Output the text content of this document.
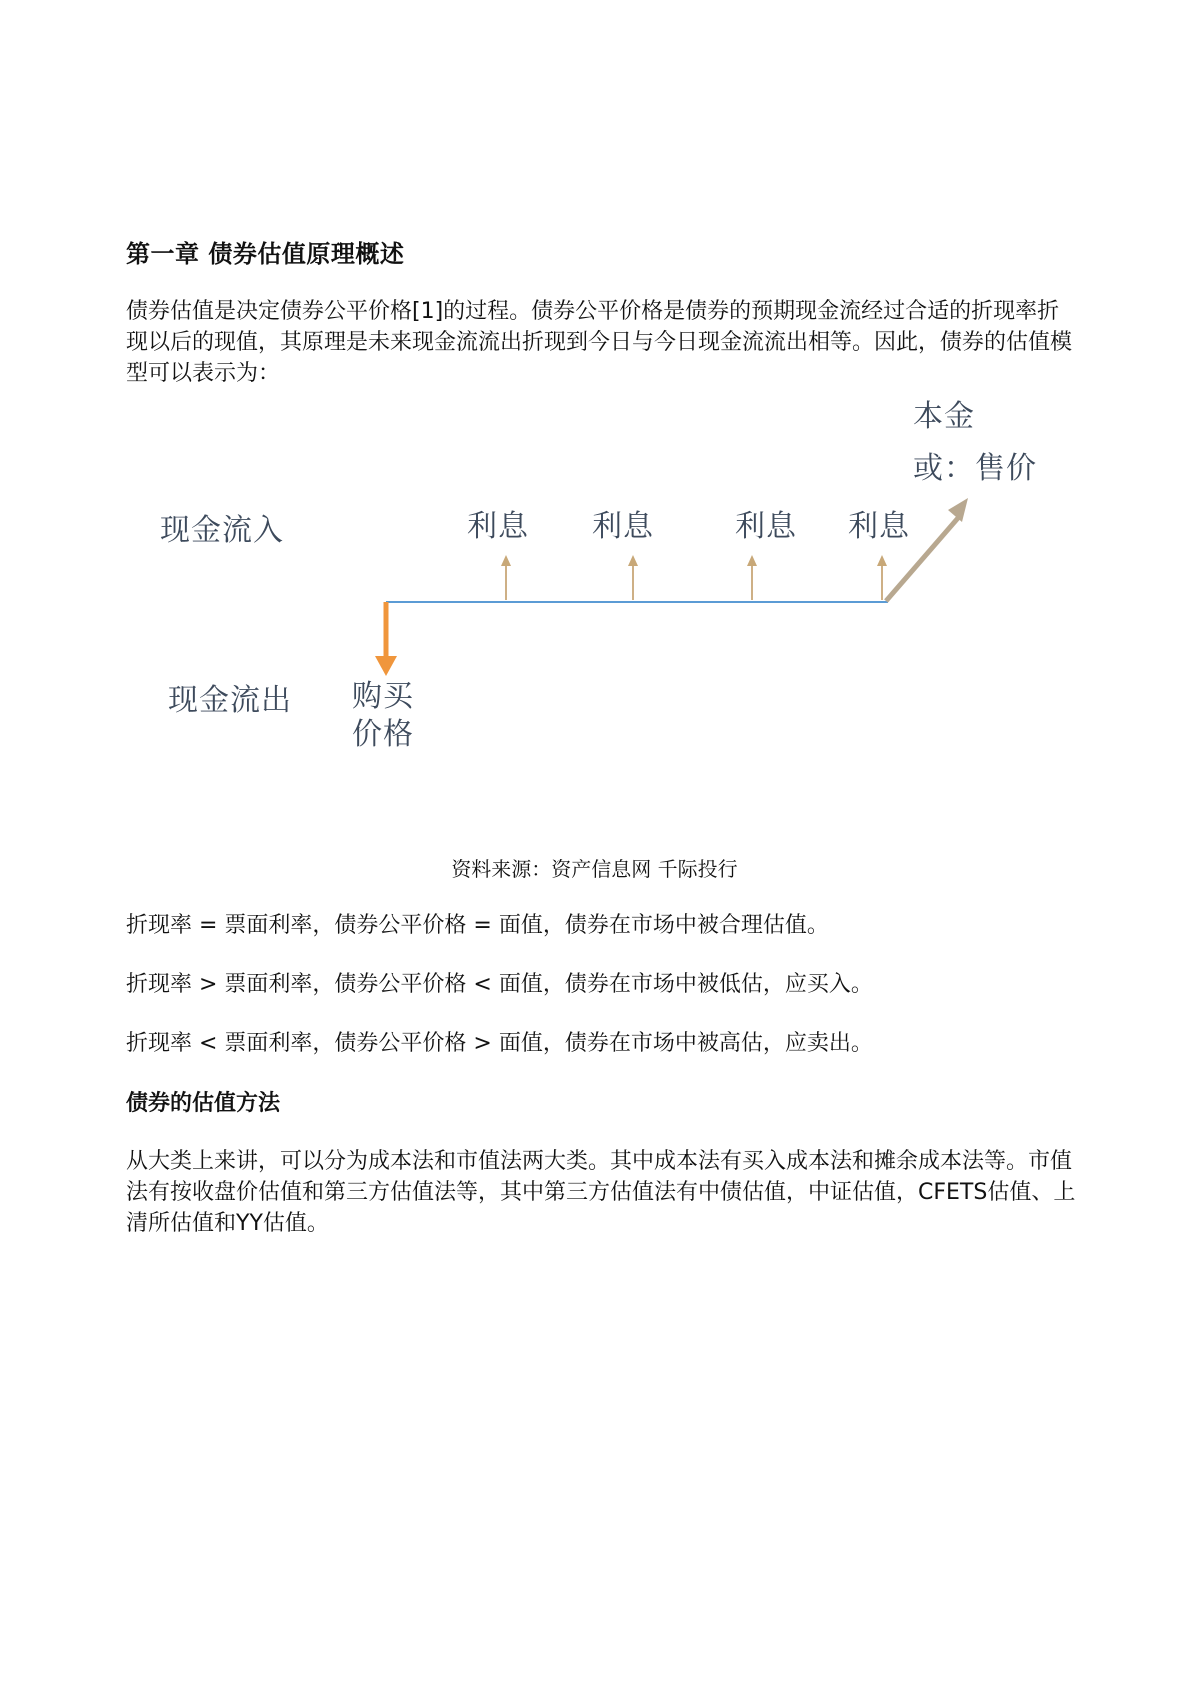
第一章 债券估值原理概述

债券估值是决定债券公平价格[1]的过程。债券公平价格是债券的预期现金流经过合适的折现率折现以后的现值，其原理是未来现金流流出折现到今日与今日现金流流出相等。因此，债券的估值模型可以表示为：

现金流入
现金流出
利息 利息	利息 利息
本金
或：售价
购买
价格

资料来源：资产信息网 千际投行

折现率 = 票面利率，债券公平价格 = 面值，债券在市场中被合理估值。

折现率 > 票面利率，债券公平价格 < 面值，债券在市场中被低估，应买入。

折现率 < 票面利率，债券公平价格 > 面值，债券在市场中被高估，应卖出。

债券的估值方法

从大类上来讲，可以分为成本法和市值法两大类。其中成本法有买入成本法和摊余成本法等。市值法有按收盘价估值和第三方估值法等，其中第三方估值法有中债估值，中证估值，CFETS估值、上清所估值和YY估值。
